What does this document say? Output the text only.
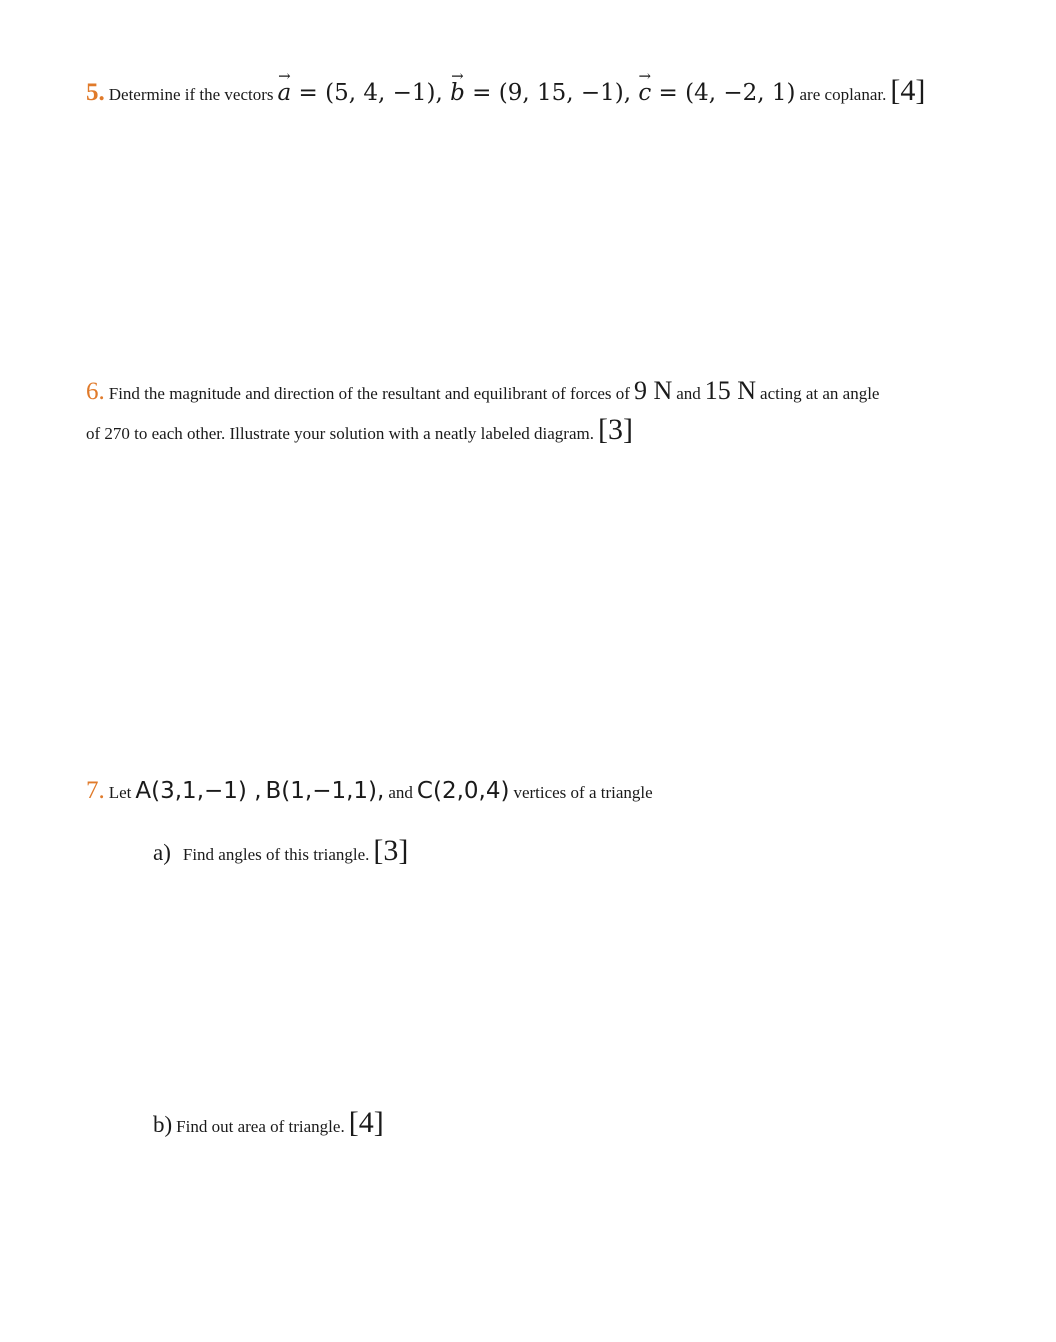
5. Determine if the vectors → a = (5, 4, −1), → b = (9, 15, −1), → c = (4, −2, 1) are coplanar. [4]
6. Find the magnitude and direction of the resultant and equilibrant of forces of 9 N and 15 N acting at an angle
of 270 to each other. Illustrate your solution with a neatly labeled diagram. [3]
7. Let A(3,1,−1) , B(1,−1,1), and C(2,0,4) vertices of a triangle
a) Find angles of this triangle. [3]
b) Find out area of triangle. [4]
